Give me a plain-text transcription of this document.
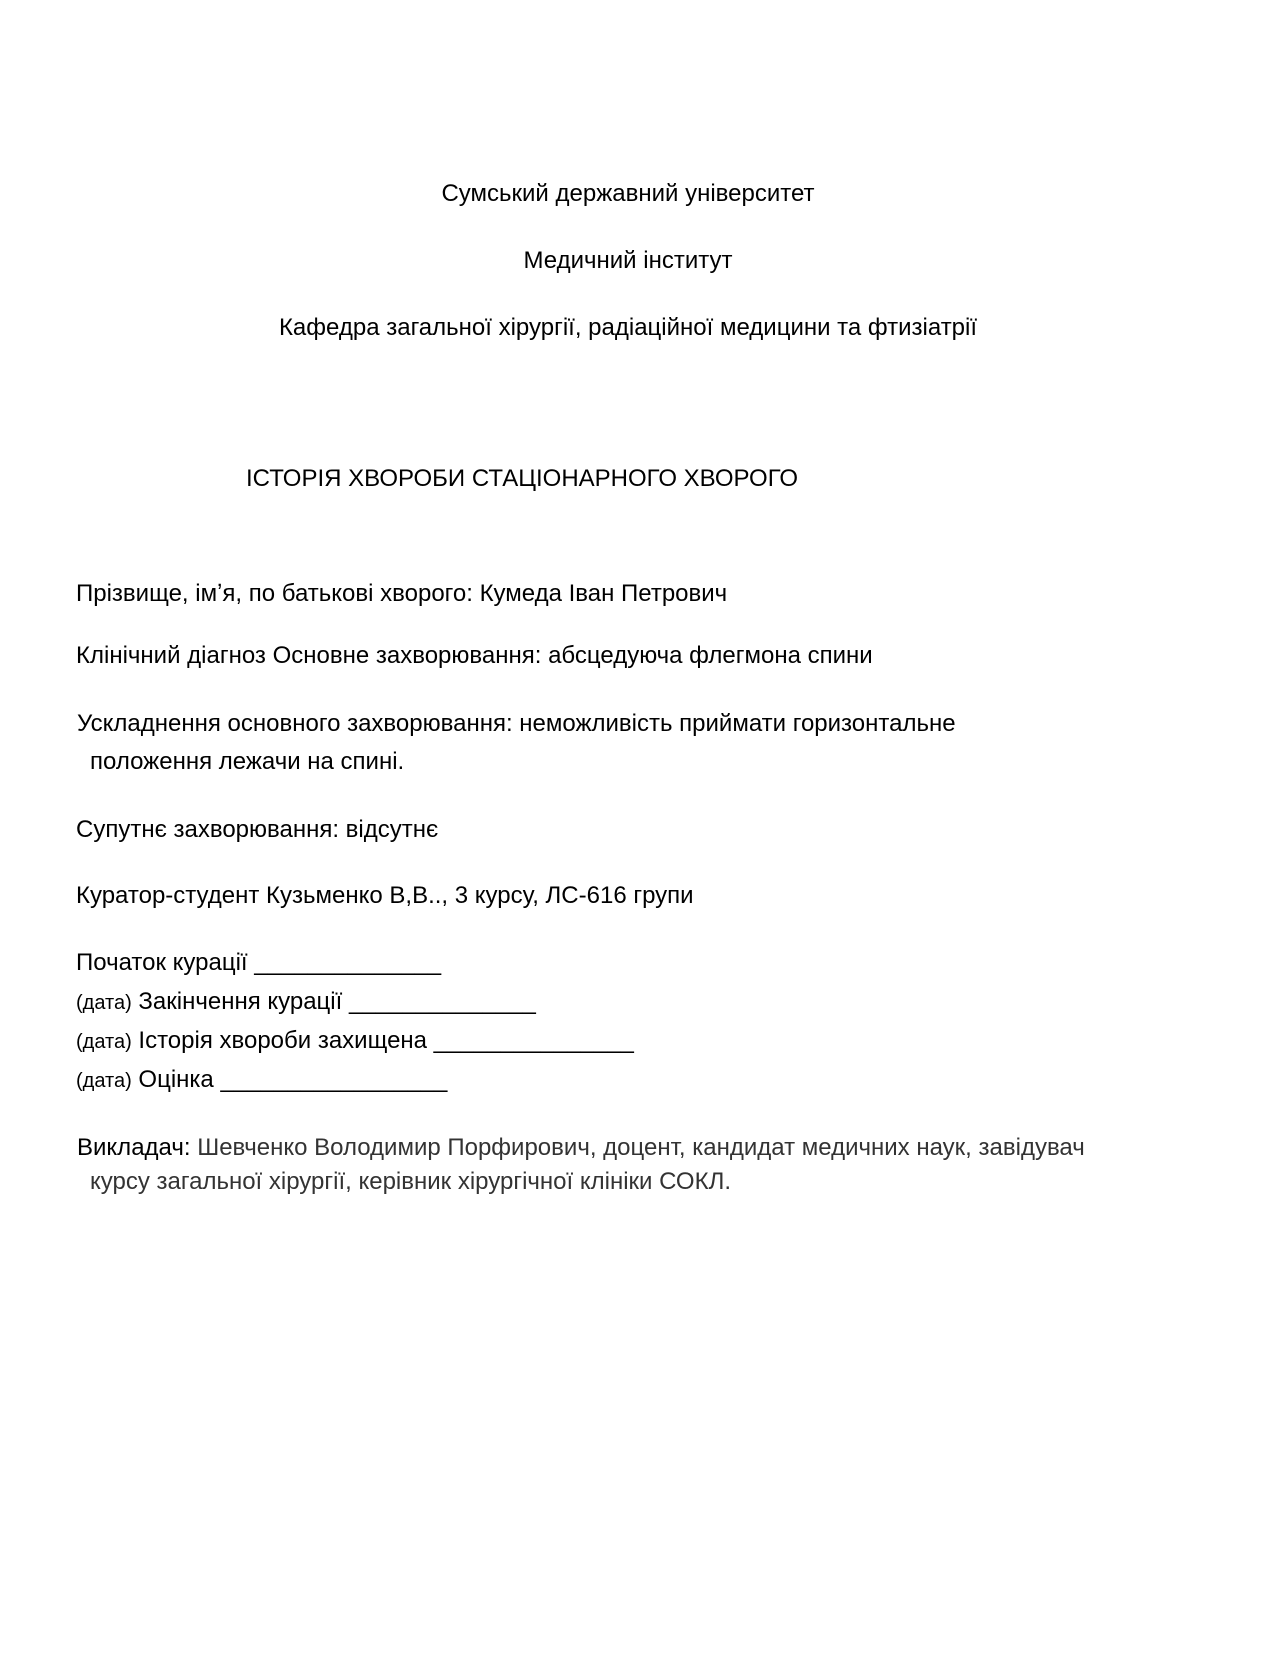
Сумський державний університет
Медичний інститут
Кафедра загальної хірургії, радіаційної медицини та фтизіатрії
ІСТОРІЯ ХВОРОБИ СТАЦІОНАРНОГО ХВОРОГО
Прізвище, імʼя, по батькові хворого: Кумеда Іван Петрович
Клінічний діагноз Основне захворювання: абсцедуюча флегмона спини
Ускладнення основного захворювання: неможливість приймати горизонтальне
положення лежачи на спині.
Супутнє захворювання: відсутнє
Куратор-студент Кузьменко В,В.., 3 курсу, ЛС-616 групи
Початок курації ______________
(дата) Закінчення курації ______________
(дата) Історія хвороби захищена _______________
(дата) Оцінка _________________
Викладач: Шевченко Володимир Порфирович, доцент, кандидат медичних наук, завідувач
курсу загальної хірургії, керівник хірургічної клініки СОКЛ.
